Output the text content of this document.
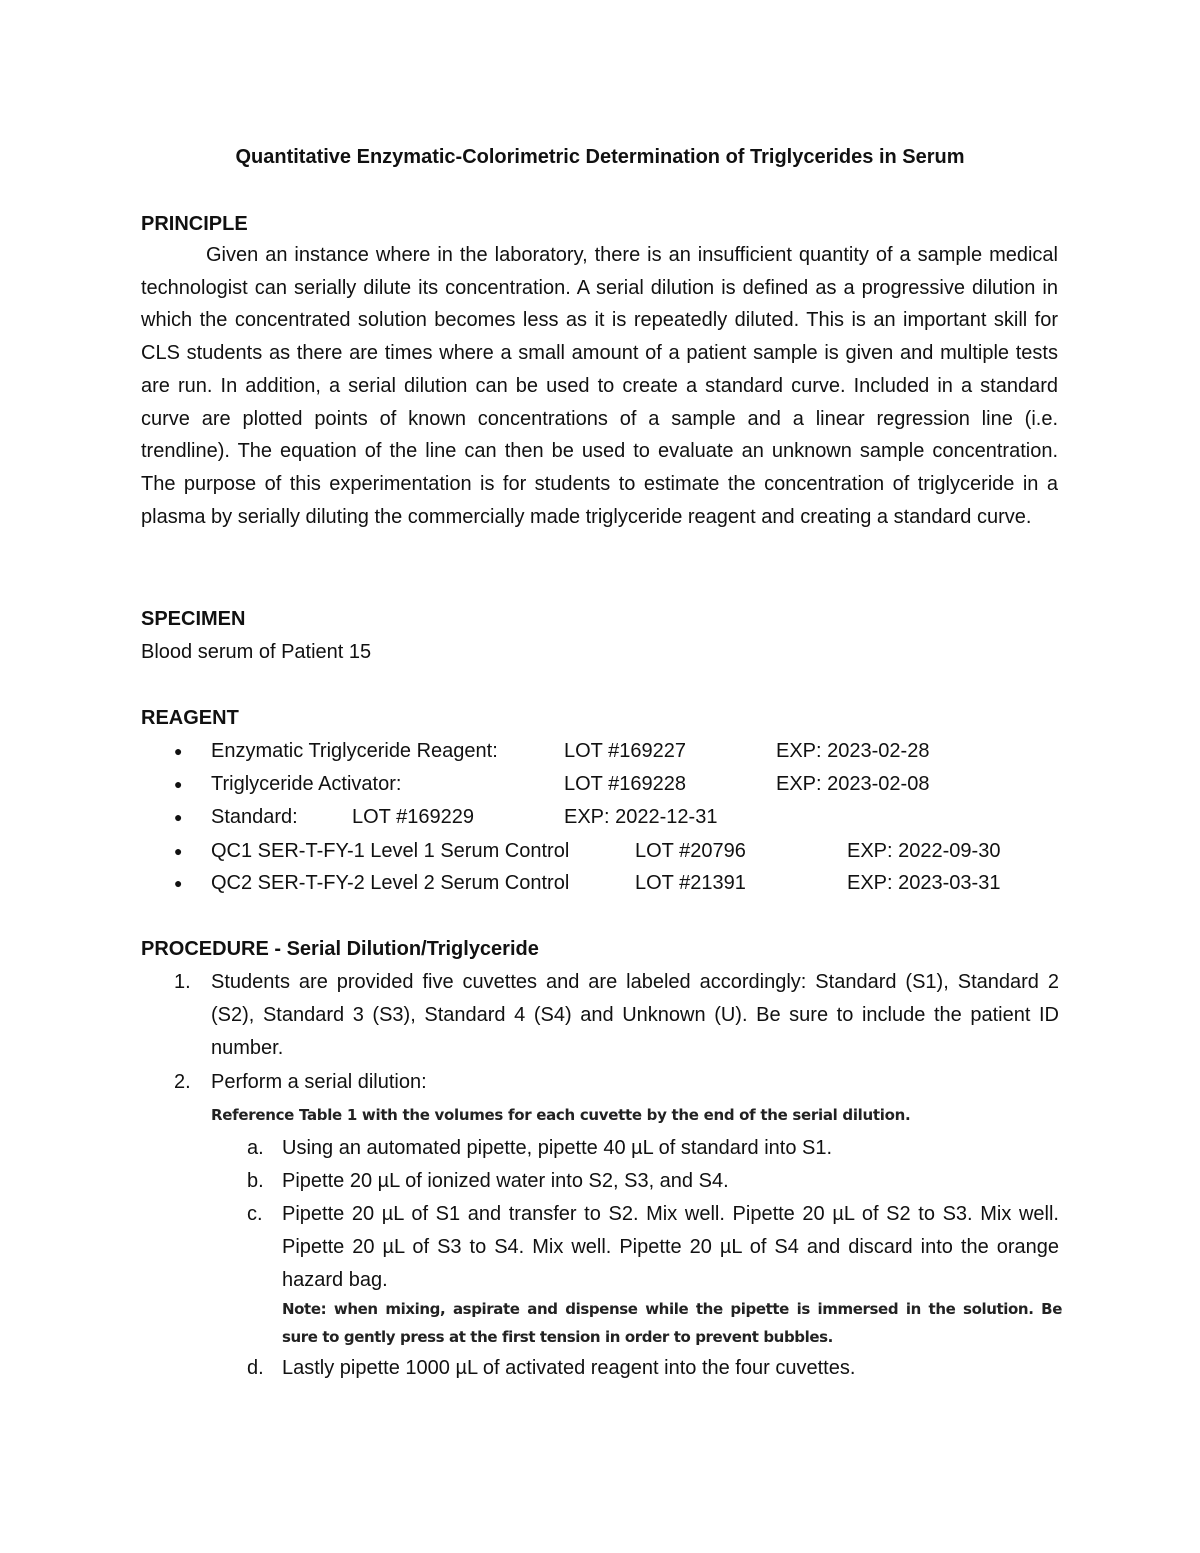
Quantitative Enzymatic-Colorimetric Determination of Triglycerides in Serum
PRINCIPLE
Given an instance where in the laboratory, there is an insufficient quantity of a sample medical technologist can serially dilute its concentration. A serial dilution is defined as a progressive dilution in which the concentrated solution becomes less as it is repeatedly diluted. This is an important skill for CLS students as there are times where a small amount of a patient sample is given and multiple tests are run. In addition, a serial dilution can be used to create a standard curve. Included in a standard curve are plotted points of known concentrations of a sample and a linear regression line (i.e. trendline). The equation of the line can then be used to evaluate an unknown sample concentration. The purpose of this experimentation is for students to estimate the concentration of triglyceride in a plasma by serially diluting the commercially made triglyceride reagent and creating a standard curve.
SPECIMEN
Blood serum of Patient 15
REAGENT
● Enzymatic Triglyceride Reagent:	LOT #169227	EXP: 2023-02-28
● Triglyceride Activator:	LOT #169228	EXP: 2023-02-08
● Standard:	LOT #169229	EXP: 2022-12-31
● QC1 SER-T-FY-1 Level 1 Serum Control	LOT #20796	EXP: 2022-09-30
● QC2 SER-T-FY-2 Level 2 Serum Control	LOT #21391	EXP: 2023-03-31
PROCEDURE - Serial Dilution/Triglyceride
1. Students are provided five cuvettes and are labeled accordingly: Standard (S1), Standard 2 (S2), Standard 3 (S3), Standard 4 (S4) and Unknown (U). Be sure to include the patient ID number.
2. Perform a serial dilution:
Reference Table 1 with the volumes for each cuvette by the end of the serial dilution.
a. Using an automated pipette, pipette 40 µL of standard into S1.
b. Pipette 20 µL of ionized water into S2, S3, and S4.
c. Pipette 20 µL of S1 and transfer to S2. Mix well. Pipette 20 µL of S2 to S3. Mix well. Pipette 20 µL of S3 to S4. Mix well. Pipette 20 µL of S4 and discard into the orange hazard bag.
Note: when mixing, aspirate and dispense while the pipette is immersed in the solution. Be sure to gently press at the first tension in order to prevent bubbles.
d. Lastly pipette 1000 µL of activated reagent into the four cuvettes.
